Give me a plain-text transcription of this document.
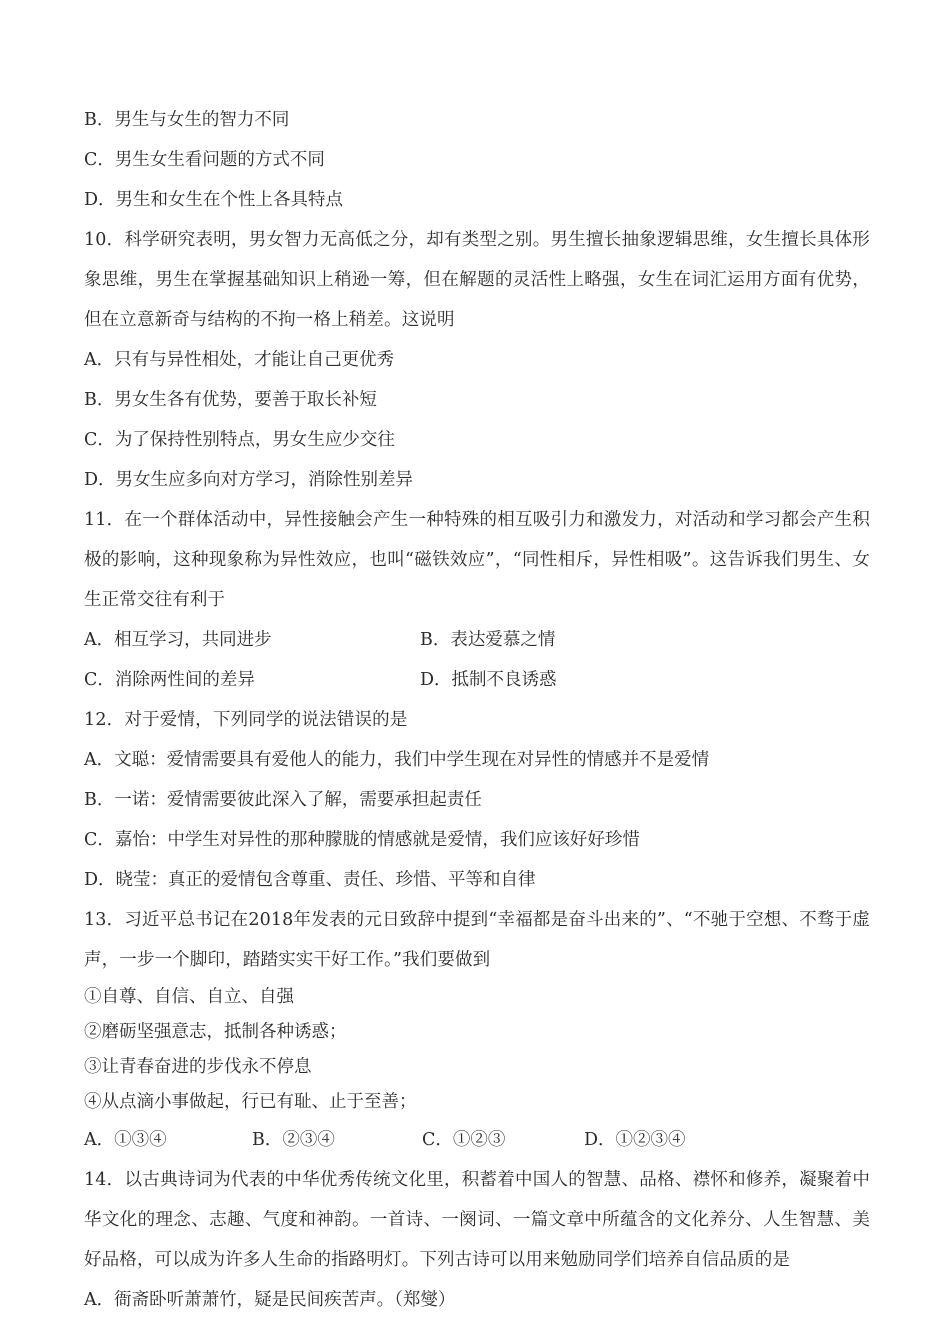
B．男生与女生的智力不同
C．男生女生看问题的方式不同
D．男生和女生在个性上各具特点
10．科学研究表明，男女智力无高低之分，却有类型之别。男生擅长抽象逻辑思维，女生擅长具体形象思维，男生在掌握基础知识上稍逊一筹，但在解题的灵活性上略强，女生在词汇运用方面有优势，但在立意新奇与结构的不拘一格上稍差。这说明
A．只有与异性相处，才能让自己更优秀
B．男女生各有优势，要善于取长补短
C．为了保持性别特点，男女生应少交往
D．男女生应多向对方学习，消除性别差异
11．在一个群体活动中，异性接触会产生一种特殊的相互吸引力和激发力，对活动和学习都会产生积极的影响，这种现象称为异性效应，也叫“磁铁效应”，“同性相斥，异性相吸”。这告诉我们男生、女生正常交往有利于
A．相互学习，共同进步	B．表达爱慕之情
C．消除两性间的差异	D．抵制不良诱惑
12．对于爱情，下列同学的说法错误的是
A．文聪：爱情需要具有爱他人的能力，我们中学生现在对异性的情感并不是爱情
B．一诺：爱情需要彼此深入了解，需要承担起责任
C．嘉怡：中学生对异性的那种朦胧的情感就是爱情，我们应该好好珍惜
D．晓莹：真正的爱情包含尊重、责任、珍惜、平等和自律
13．习近平总书记在2018年发表的元日致辞中提到“幸福都是奋斗出来的”、“不驰于空想、不骛于虚声，一步一个脚印，踏踏实实干好工作。”我们要做到
①自尊、自信、自立、自强
②磨砺坚强意志，抵制各种诱惑；
③让青春奋进的步伐永不停息
④从点滴小事做起，行已有耻、止于至善；
A．①③④	B．②③④	C．①②③	D．①②③④
14．以古典诗词为代表的中华优秀传统文化里，积蓄着中国人的智慧、品格、襟怀和修养，凝聚着中华文化的理念、志趣、气度和神韵。一首诗、一阕词、一篇文章中所蕴含的文化养分、人生智慧、美好品格，可以成为许多人生命的指路明灯。下列古诗可以用来勉励同学们培养自信品质的是
A．衙斋卧听萧萧竹，疑是民间疾苦声。（郑燮）
